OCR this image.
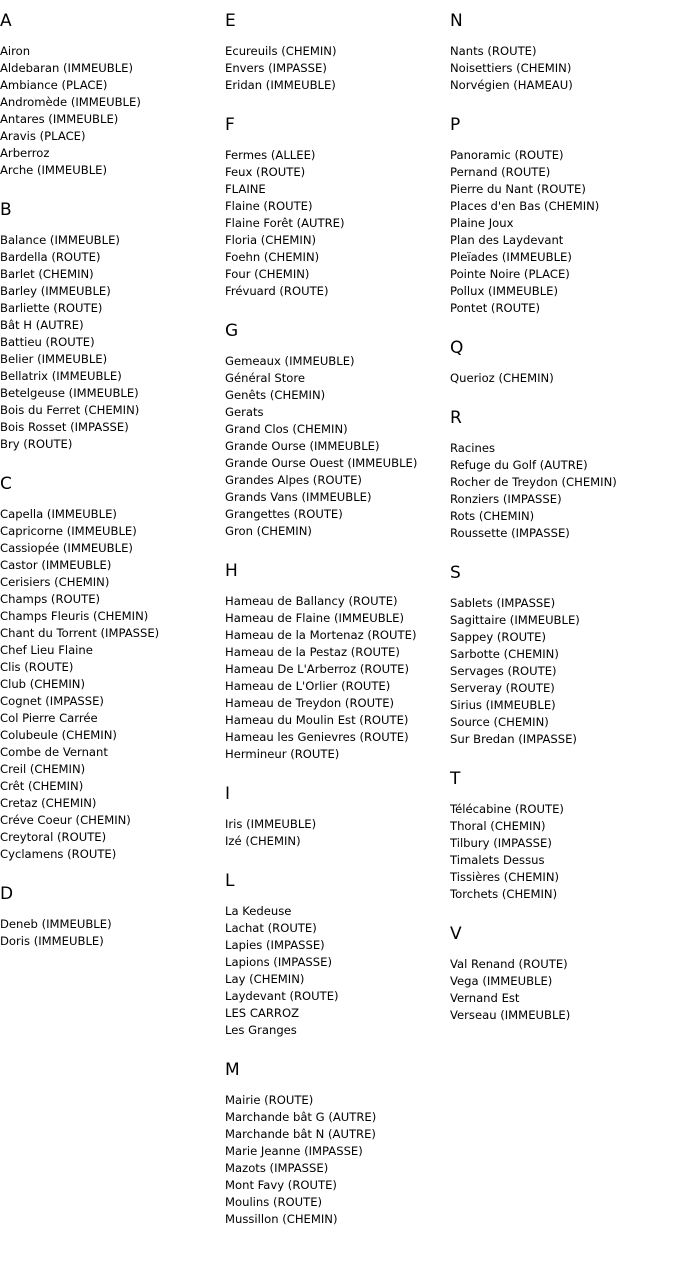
A
Airon
Aldebaran (IMMEUBLE)
Ambiance (PLACE)
Andromède (IMMEUBLE)
Antares (IMMEUBLE)
Aravis (PLACE)
Arberroz
Arche (IMMEUBLE)
B
Balance (IMMEUBLE)
Bardella (ROUTE)
Barlet (CHEMIN)
Barley (IMMEUBLE)
Barliette (ROUTE)
Bât H (AUTRE)
Battieu (ROUTE)
Belier (IMMEUBLE)
Bellatrix (IMMEUBLE)
Betelgeuse (IMMEUBLE)
Bois du Ferret (CHEMIN)
Bois Rosset (IMPASSE)
Bry (ROUTE)
C
Capella (IMMEUBLE)
Capricorne (IMMEUBLE)
Cassiopée (IMMEUBLE)
Castor (IMMEUBLE)
Cerisiers (CHEMIN)
Champs (ROUTE)
Champs Fleuris (CHEMIN)
Chant du Torrent (IMPASSE)
Chef Lieu Flaine
Clis (ROUTE)
Club (CHEMIN)
Cognet (IMPASSE)
Col Pierre Carrée
Colubeule (CHEMIN)
Combe de Vernant
Creil (CHEMIN)
Crêt (CHEMIN)
Cretaz (CHEMIN)
Créve Coeur (CHEMIN)
Creytoral (ROUTE)
Cyclamens (ROUTE)
D
Deneb (IMMEUBLE)
Doris (IMMEUBLE)
E
Ecureuils (CHEMIN)
Envers (IMPASSE)
Eridan (IMMEUBLE)
F
Fermes (ALLEE)
Feux (ROUTE)
FLAINE
Flaine (ROUTE)
Flaine Forêt (AUTRE)
Floria (CHEMIN)
Foehn (CHEMIN)
Four (CHEMIN)
Frévuard (ROUTE)
G
Gemeaux (IMMEUBLE)
Général Store
Genêts (CHEMIN)
Gerats
Grand Clos (CHEMIN)
Grande Ourse (IMMEUBLE)
Grande Ourse Ouest (IMMEUBLE)
Grandes Alpes (ROUTE)
Grands Vans (IMMEUBLE)
Grangettes (ROUTE)
Gron (CHEMIN)
H
Hameau de Ballancy (ROUTE)
Hameau de Flaine (IMMEUBLE)
Hameau de la Mortenaz (ROUTE)
Hameau de la Pestaz (ROUTE)
Hameau De L'Arberroz (ROUTE)
Hameau de L'Orlier (ROUTE)
Hameau de Treydon (ROUTE)
Hameau du Moulin Est (ROUTE)
Hameau les Genievres (ROUTE)
Hermineur (ROUTE)
I
Iris (IMMEUBLE)
Izé (CHEMIN)
L
La Kedeuse
Lachat (ROUTE)
Lapies (IMPASSE)
Lapions (IMPASSE)
Lay (CHEMIN)
Laydevant (ROUTE)
LES CARROZ
Les Granges
M
Mairie (ROUTE)
Marchande bât G (AUTRE)
Marchande bât N (AUTRE)
Marie Jeanne (IMPASSE)
Mazots (IMPASSE)
Mont Favy (ROUTE)
Moulins (ROUTE)
Mussillon (CHEMIN)
N
Nants (ROUTE)
Noisettiers (CHEMIN)
Norvégien (HAMEAU)
P
Panoramic (ROUTE)
Pernand (ROUTE)
Pierre du Nant (ROUTE)
Places d'en Bas (CHEMIN)
Plaine Joux
Plan des Laydevant
Pleïades (IMMEUBLE)
Pointe Noire (PLACE)
Pollux (IMMEUBLE)
Pontet (ROUTE)
Q
Querioz (CHEMIN)
R
Racines
Refuge du Golf (AUTRE)
Rocher de Treydon (CHEMIN)
Ronziers (IMPASSE)
Rots (CHEMIN)
Roussette (IMPASSE)
S
Sablets (IMPASSE)
Sagittaire (IMMEUBLE)
Sappey (ROUTE)
Sarbotte (CHEMIN)
Servages (ROUTE)
Serveray (ROUTE)
Sirius (IMMEUBLE)
Source (CHEMIN)
Sur Bredan (IMPASSE)
T
Télécabine (ROUTE)
Thoral (CHEMIN)
Tilbury (IMPASSE)
Timalets Dessus
Tissières (CHEMIN)
Torchets (CHEMIN)
V
Val Renand (ROUTE)
Vega (IMMEUBLE)
Vernand Est
Verseau (IMMEUBLE)
